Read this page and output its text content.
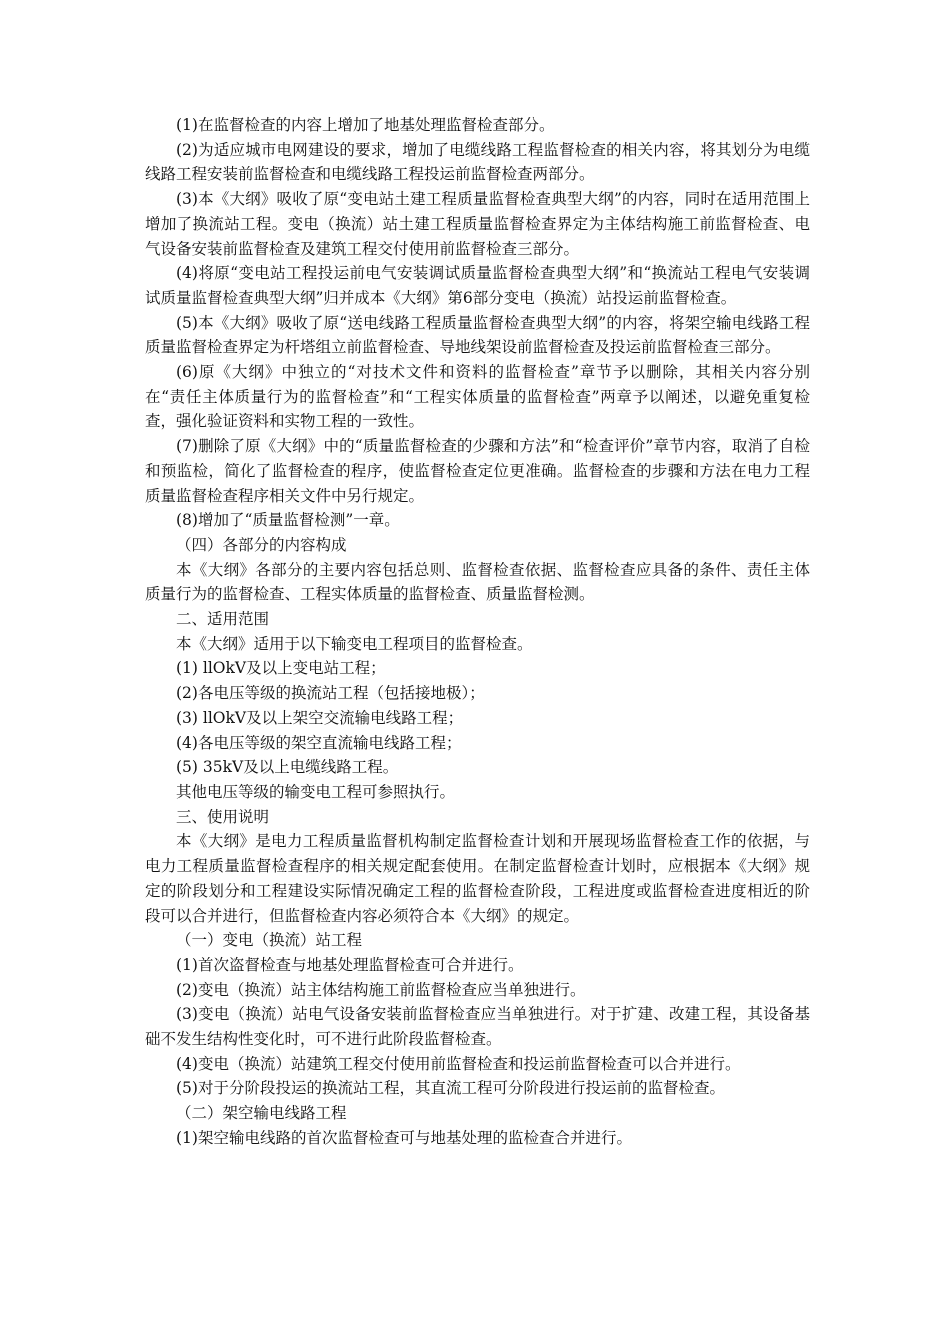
(1)在监督检查的内容上增加了地基处理监督检查部分。

(2)为适应城市电网建设的要求，增加了电缆线路工程监督检查的相关内容，将其划分为电缆线路工程安装前监督检查和电缆线路工程投运前监督检查两部分。

(3)本《大纲》吸收了原“变电站土建工程质量监督检查典型大纲”的内容，同时在适用范围上增加了换流站工程。变电（换流）站土建工程质量监督检查界定为主体结构施工前监督检查、电气设备安装前监督检查及建筑工程交付使用前监督检查三部分。

(4)将原“变电站工程投运前电气安装调试质量监督检查典型大纲”和“换流站工程电气安装调试质量监督检查典型大纲”归并成本《大纲》第6部分变电（换流）站投运前监督检查。

(5)本《大纲》吸收了原“送电线路工程质量监督检查典型大纲”的内容，将架空输电线路工程质量监督检查界定为杆塔组立前监督检查、导地线架设前监督检查及投运前监督检查三部分。

(6)原《大纲》中独立的“对技术文件和资料的监督检查”章节予以删除，其相关内容分别在“责任主体质量行为的监督检查”和“工程实体质量的监督检查”两章予以阐述，以避免重复检查，强化验证资料和实物工程的一致性。

(7)删除了原《大纲》中的“质量监督检查的少骤和方法”和“检查评价”章节内容，取消了自检和预监检，简化了监督检查的程序，使监督检查定位更准确。监督检查的步骤和方法在电力工程质量监督检查程序相关文件中另行规定。

(8)增加了“质量监督检测”一章。

（四）各部分的内容构成

本《大纲》各部分的主要内容包括总则、监督检查依据、监督检查应具备的条件、责任主体质量行为的监督检查、工程实体质量的监督检查、质量监督检测。

二、适用范围

本《大纲》适用于以下输变电工程项目的监督检查。

(1) llOkV及以上变电站工程；

(2)各电压等级的换流站工程（包括接地极）；

(3) llOkV及以上架空交流输电线路工程；

(4)各电压等级的架空直流输电线路工程；

(5) 35kV及以上电缆线路工程。

其他电压等级的输变电工程可参照执行。

三、使用说明

本《大纲》是电力工程质量监督机构制定监督检查计划和开展现场监督检查工作的依据，与电力工程质量监督检查程序的相关规定配套使用。在制定监督检查计划时，应根据本《大纲》规定的阶段划分和工程建设实际情况确定工程的监督检查阶段，工程进度或监督检查进度相近的阶段可以合并进行，但监督检查内容必须符合本《大纲》的规定。

（一）变电（换流）站工程

(1)首次盗督检查与地基处理监督检查可合并进行。

(2)变电（换流）站主体结构施工前监督检查应当单独进行。

(3)变电（换流）站电气设备安装前监督检查应当单独进行。对于扩建、改建工程，其设备基础不发生结构性变化时，可不进行此阶段监督检查。

(4)变电（换流）站建筑工程交付使用前监督检查和投运前监督检查可以合并进行。

(5)对于分阶段投运的换流站工程，其直流工程可分阶段进行投运前的监督检查。

（二）架空输电线路工程

(1)架空输电线路的首次监督检查可与地基处理的监检查合并进行。
